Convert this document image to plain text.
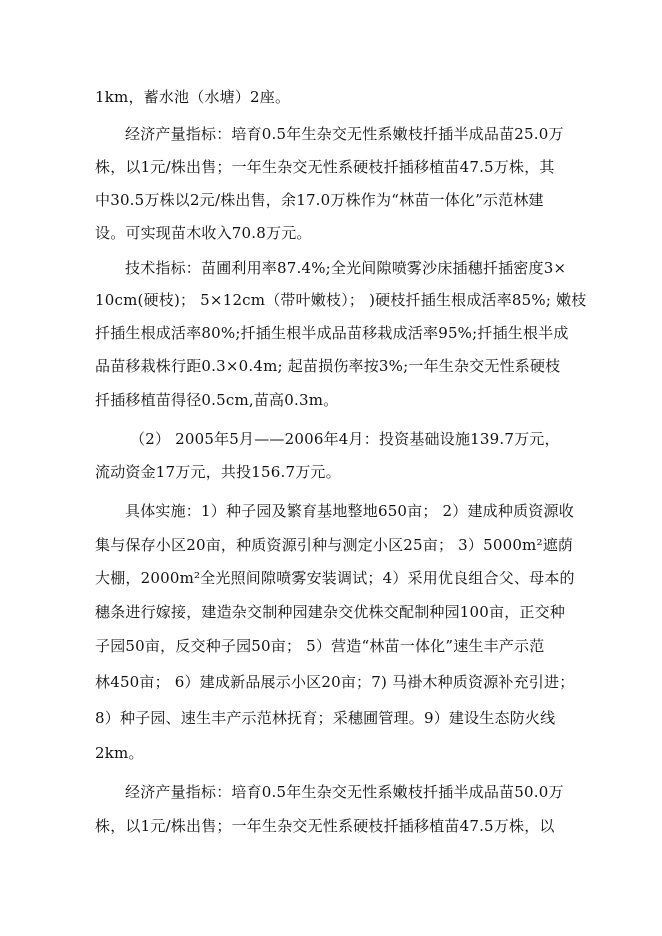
1km，蓄水池（水塘）2座。

经济产量指标：培育0.5年生杂交无性系嫩枝扦插半成品苗25.0万

株，以1元/株出售；一年生杂交无性系硬枝扦插移植苗47.5万株，其

中30.5万株以2元/株出售，余17.0万株作为“林苗一体化”示范林建

设。可实现苗木收入70.8万元。

技术指标：苗圃利用率87.4%;全光间隙喷雾沙床插穗扦插密度3×

10cm(硬枝)； 5×12cm（带叶嫩枝）； )硬枝扦插生根成活率85%; 嫩枝

扦插生根成活率80%;扦插生根半成品苗移栽成活率95%;扦插生根半成

品苗移栽株行距0.3×0.4m; 起苗损伤率按3%;一年生杂交无性系硬枝

扦插移植苗得径0.5cm,苗高0.3m。

（2） 2005年5月——2006年4月：投资基础设施139.7万元，

流动资金17万元，共投156.7万元。

具体实施：1）种子园及繁育基地整地650亩； 2）建成种质资源收

集与保存小区20亩，种质资源引种与测定小区25亩； 3）5000m²遮荫

大棚，2000m²全光照间隙喷雾安装调试；4）采用优良组合父、母本的

穗条进行嫁接，建造杂交制种园建杂交优株交配制种园100亩，正交种

子园50亩，反交种子园50亩； 5）营造“林苗一体化”速生丰产示范

林450亩； 6）建成新品展示小区20亩；7) 马褂木种质资源补充引进；

8）种子园、速生丰产示范林抚育；采穗圃管理。9）建设生态防火线

2km。

经济产量指标：培育0.5年生杂交无性系嫩枝扦插半成品苗50.0万

株，以1元/株出售；一年生杂交无性系硬枝扦插移植苗47.5万株，以
